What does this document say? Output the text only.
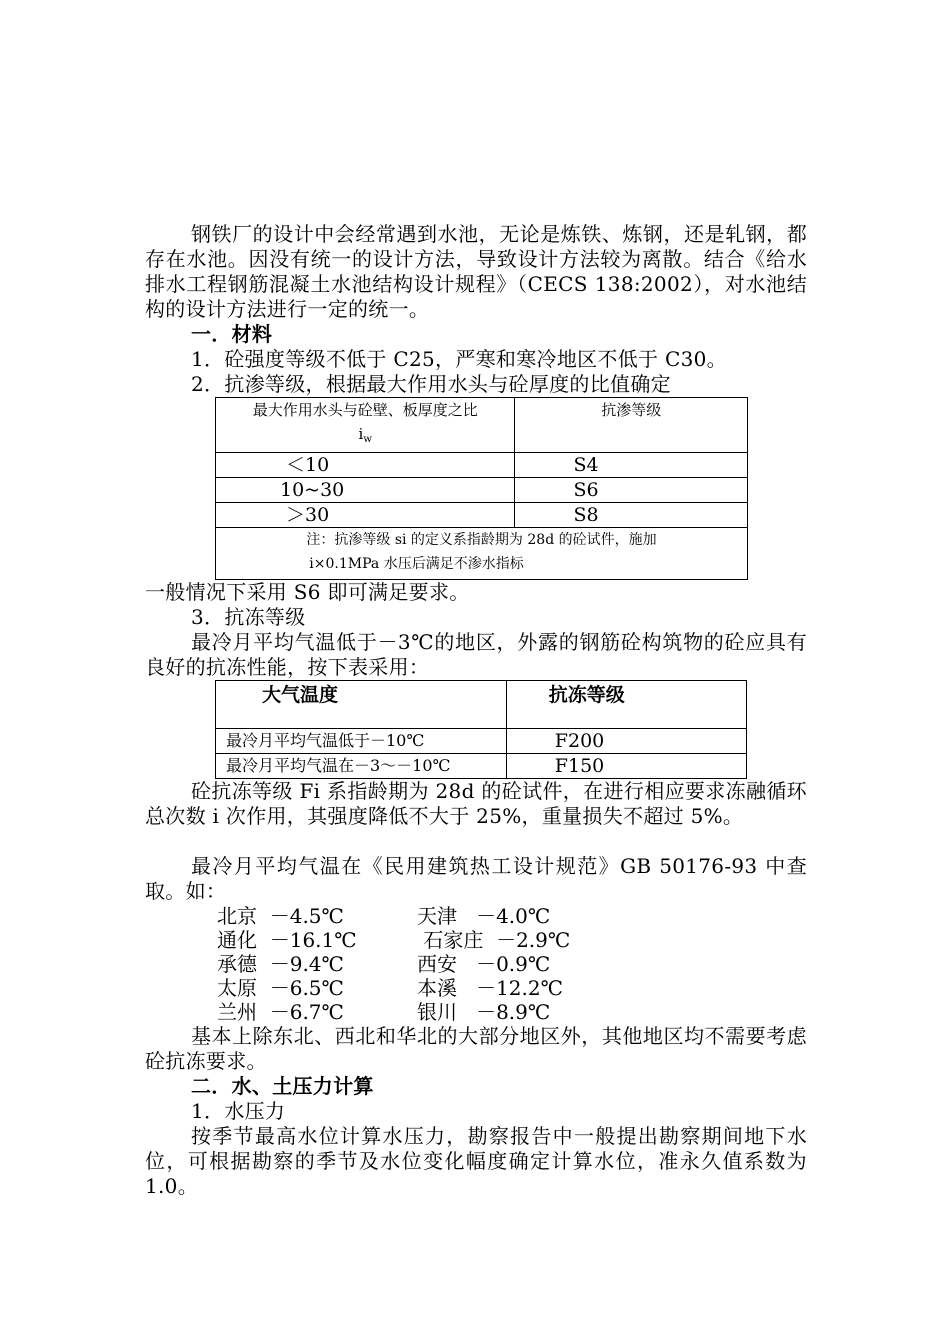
钢铁厂的设计中会经常遇到水池，无论是炼铁、炼钢，还是轧钢，都存在水池。因没有统一的设计方法，导致设计方法较为离散。结合《给水排水工程钢筋混凝土水池结构设计规程》（CECS 138:2002），对水池结构的设计方法进行一定的统一。

一．材料

1．砼强度等级不低于 C25，严寒和寒冷地区不低于 C30。

2．抗渗等级，根据最大作用水头与砼厚度的比值确定

最大作用水头与砼壁、板厚度之比
$i_w$	抗渗等级
＜10	S4
10~30	S6
＞30	S8
注：抗渗等级 si 的定义系指龄期为 28d 的砼试件，施加
i×0.1MPa 水压后满足不渗水指标	

一般情况下采用 S6 即可满足要求。

3．抗冻等级

最冷月平均气温低于－3℃的地区，外露的钢筋砼构筑物的砼应具有良好的抗冻性能，按下表采用：

大气温度	抗冻等级
最冷月平均气温低于－10℃	F200
最冷月平均气温在－3～－10℃	F150

砼抗冻等级 Fi 系指龄期为 28d 的砼试件，在进行相应要求冻融循环总次数 i 次作用，其强度降低不大于 25%，重量损失不超过 5%。

最冷月平均气温在《民用建筑热工设计规范》GB 50176-93 中查取。如：

北京  －4.5℃	天津   －4.0℃
通化  －16.1℃	石家庄  －2.9℃
承德  －9.4℃	西安   －0.9℃
太原  －6.5℃	本溪   －12.2℃
兰州  －6.7℃	银川   －8.9℃

基本上除东北、西北和华北的大部分地区外，其他地区均不需要考虑砼抗冻要求。

二．水、土压力计算

1．水压力

按季节最高水位计算水压力，勘察报告中一般提出勘察期间地下水位，可根据勘察的季节及水位变化幅度确定计算水位，准永久值系数为 1.0。
